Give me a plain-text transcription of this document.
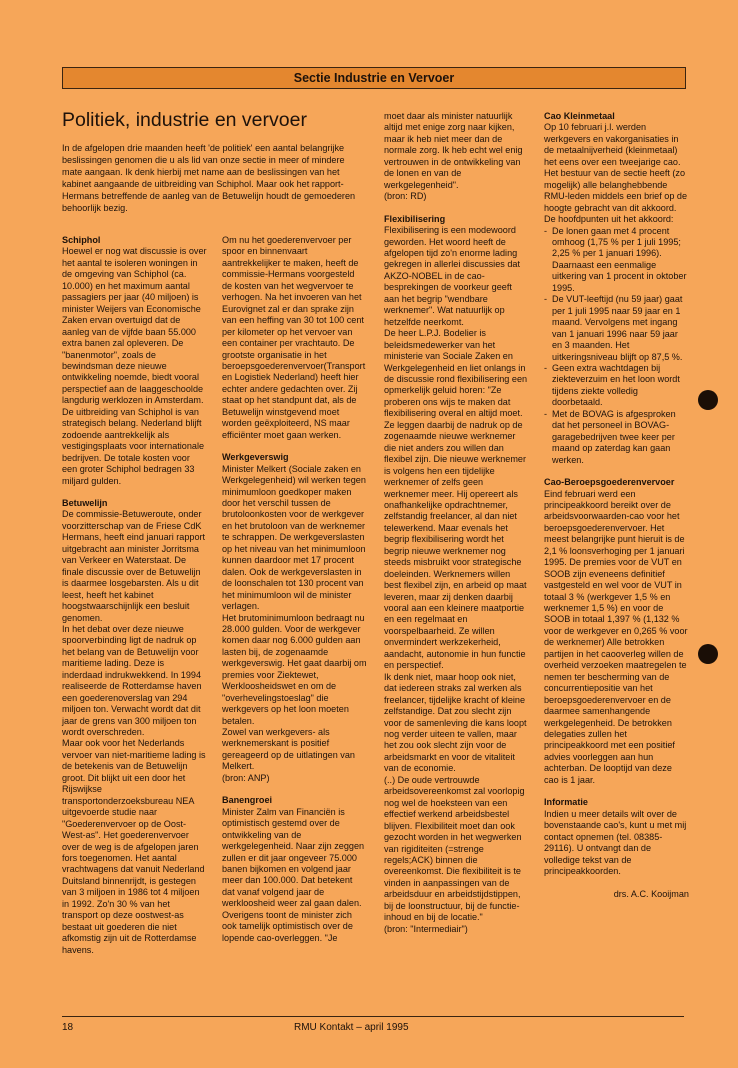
Sectie Industrie en Vervoer
Politiek, industrie en vervoer
In de afgelopen drie maanden heeft 'de politiek' een aantal belangrijke beslissingen genomen die u als lid van onze sectie in meer of mindere mate aangaan. Ik denk hierbij met name aan de beslissingen van het kabinet aangaande de uitbreiding van Schiphol. Maar ook het rapport-Hermans betreffende de aanleg van de Betuwelijn houdt de gemoederen behoorlijk bezig.
Schiphol

Hoewel er nog wat discussie is over het aantal te isoleren woningen in de omgeving van Schiphol (ca. 10.000) en het maximum aantal passagiers per jaar (40 miljoen) is minister Weijers van Economische Zaken ervan overtuigd dat de aanleg van de vijfde baan 55.000 extra banen zal opleveren. De "banenmotor", zoals de bewindsman deze nieuwe ontwikkeling noemde, biedt vooral perspectief aan de laaggeschoolde langdurig werklozen in Amsterdam. De uitbreiding van Schiphol is van strategisch belang. Nederland blijft zodoende aantrekkelijk als vestigingsplaats voor internationale bedrijven. De totale kosten voor een groter Schiphol bedragen 33 miljard gulden.

Betuwelijn

De commissie-Betuweroute, onder voorzitterschap van de Friese CdK Hermans, heeft eind januari rapport uitgebracht aan minister Jorritsma van Verkeer en Waterstaat. De finale discussie over de Betuwelijn is daarmee losgebarsten. Als u dit leest, heeft het kabinet hoogstwaarschijnlijk een besluit genomen.

In het debat over deze nieuwe spoorverbinding ligt de nadruk op het belang van de Betuwelijn voor maritieme lading. Deze is inderdaad indrukwekkend. In 1994 realiseerde de Rotterdamse haven een goederenoverslag van 294 miljoen ton. Verwacht wordt dat dit jaar de grens van 300 miljoen ton wordt overschreden.

Maar ook voor het Nederlands vervoer van niet-maritieme lading is de betekenis van de Betuwelijn groot. Dit blijkt uit een door het Rijswijkse transportonderzoeksbureau NEA uitgevoerde studie naar "Goederenvervoer op de Oost-West-as". Het goederenvervoer over de weg is de afgelopen jaren fors toegenomen. Het aantal vrachtwagens dat vanuit Nederland Duitsland binnenrijdt, is gestegen van 3 miljoen in 1986 tot 4 miljoen in 1992. Zo'n 30 % van het transport op deze oostwest-as bestaat uit goederen die niet afkomstig zijn uit de Rotterdamse havens.

Om nu het goederenvervoer per spoor en binnenvaart aantrekkelijker te maken, heeft de commissie-Hermans voorgesteld de kosten van het wegvervoer te verhogen. Na het invoeren van het Eurovignet zal er dan sprake zijn van een heffing van 30 tot 100 cent per kilometer op het vervoer van een container per vrachtauto. De grootste organisatie in het beroepsgoederenvervoer(Transport en Logistiek Nederland) heeft hier echter andere gedachten over. Zij staat op het standpunt dat, als de Betuwelijn winstgevend moet worden geëxploiteerd, NS maar efficiënter moet gaan werken.

Werkgeverswig

Minister Melkert (Sociale zaken en Werkgelegenheid) wil werken tegen minimumloon goedkoper maken door het verschil tussen de brutoloonkosten voor de werkgever en het brutoloon van de werknemer te schrappen. De werkgeverslasten op het niveau van het minimumloon kunnen daardoor met 17 procent dalen. Ook de werkgeverslasten in de loonschalen tot 130 procent van het minimumloon wil de minister verlagen.

Het brutominimumloon bedraagt nu 28.000 gulden. Voor de werkgever komen daar nog 6.000 gulden aan lasten bij, de zogenaamde werkgeverswig. Het gaat daarbij om premies voor Ziektewet, Werkloosheidswet en om de "overhevelingstoeslag" die werkgevers op het loon moeten betalen.

Zowel van werkgevers- als werknemerskant is positief gereageerd op de uitlatingen van Melkert.

(bron: ANP)

Banengroei

Minister Zalm van Financiën is optimistisch gestemd over de ontwikkeling van de werkgelegenheid. Naar zijn zeggen zullen er dit jaar ongeveer 75.000 banen bijkomen en volgend jaar meer dan 100.000. Dat betekent dat vanaf volgend jaar de werkloosheid weer zal gaan dalen. Overigens toont de minister zich ook tamelijk optimistisch over de lopende cao-overleggen. "Je

moet daar als minister natuurlijk altijd met enige zorg naar kijken, maar ik heb niet meer dan de normale zorg. Ik heb echt wel enig vertrouwen in de ontwikkeling van de lonen en van de werkgelegenheid".

(bron: RD)

Flexibilisering

Flexibilisering is een modewoord geworden. Het woord heeft de afgelopen tijd zo'n enorme lading gekregen in allerlei discussies dat AKZO-NOBEL in de cao-besprekingen de voorkeur geeft aan het begrip "wendbare werknemer". Wat natuurlijk op hetzelfde neerkomt.

De heer L.P.J. Bodelier is beleidsmedewerker van het ministerie van Sociale Zaken en Werkgelegenheid en liet onlangs in de discussie rond flexibilisering een opmerkelijk geluid horen: "Ze proberen ons wijs te maken dat flexibilisering overal en altijd moet. Ze leggen daarbij de nadruk op de zogenaamde nieuwe werknemer die niet anders zou willen dan flexibel zijn. Die nieuwe werknemer is volgens hen een tijdelijke werknemer of zelfs geen werknemer meer. Hij opereert als onafhankelijke opdrachtnemer, zelfstandig freelancer, al dan niet telewerkend. Maar evenals het begrip flexibilisering wordt het begrip nieuwe werknemer nog steeds misbruikt voor strategische doeleinden. Werknemers willen best flexibel zijn, en arbeid op maat leveren, maar zij denken daarbij vooral aan een kleinere maatportie en een regelmaat en voorspelbaarheid. Ze willen onvermindert werkzekerheid, aandacht, autonomie in hun functie en perspectief.

Ik denk niet, maar hoop ook niet, dat iedereen straks zal werken als freelancer, tijdelijke kracht of kleine zelfstandige. Dat zou slecht zijn voor de samenleving die kans loopt nog verder uiteen te vallen, maar het zou ook slecht zijn voor de arbeidsmarkt en voor de vitaliteit van de economie.

(..) De oude vertrouwde arbeidsovereenkomst zal voorlopig nog wel de hoeksteen van een effectief werkend arbeidsbestel blijven. Flexibiliteit moet dan ook gezocht worden in het wegwerken van rigiditeiten (=strenge regels;ACK) binnen die overeenkomst. Die flexibiliteit is te vinden in aanpassingen van de arbeidsduur en arbeidstijdstippen, bij de loonstructuur, bij de functie-inhoud en bij de locatie."

(bron: "Intermediair")

Cao Kleinmetaal

Op 10 februari j.l. werden werkgevers en vakorganisaties in de metaalnijverheid (kleinmetaal) het eens over een tweejarige cao. Het bestuur van de sectie heeft (zo mogelijk) alle belanghebbende RMU-leden middels een brief op de hoogte gebracht van dit akkoord.

De hoofdpunten uit het akkoord:

- De lonen gaan met 4 procent omhoog (1,75 % per 1 juli 1995; 2,25 % per 1 januari 1996). Daarnaast een eenmalige uitkering van 1 procent in oktober 1995.
- De VUT-leeftijd (nu 59 jaar) gaat per 1 juli 1995 naar 59 jaar en 1 maand. Vervolgens met ingang van 1 januari 1996 naar 59 jaar en 3 maanden. Het uitkeringsniveau blijft op 87,5 %.
- Geen extra wachtdagen bij ziekteverzuim en het loon wordt tijdens ziekte volledig doorbetaald.
- Met de BOVAG is afgesproken dat het personeel in BOVAG-garagebedrijven twee keer per maand op zaterdag kan gaan werken.
Cao-Beroepsgoederenvervoer

Eind februari werd een principeakkoord bereikt over de arbeidsvoorwaarden-cao voor het beroepsgoederenvervoer. Het meest belangrijke punt hieruit is de 2,1 % loonsverhoging per 1 januari 1995. De premies voor de VUT en SOOB zijn eveneens definitief vastgesteld en wel voor de VUT in totaal 3 % (werkgever 1,5 % en werknemer 1,5 %) en voor de SOOB in totaal 1,397 % (1,132 % voor de werkgever en 0,265 % voor de werknemer) Alle betrokken partijen in het caooverleg willen de overheid verzoeken maatregelen te nemen ter bescherming van de concurrentiepositie van het beroepsgoederenvervoer en de daarmee samenhangende werkgelegenheid. De betrokken delegaties zullen het principeakkoord met een positief advies voorleggen aan hun achterban. De looptijd van deze cao is 1 jaar.

Informatie

Indien u meer details wilt over de bovenstaande cao's, kunt u met mij contact opnemen (tel. 08385-29116). U ontvangt dan de volledige tekst van de principeakkoorden.

drs. A.C. Kooijman
18	RMU Kontakt – april 1995
